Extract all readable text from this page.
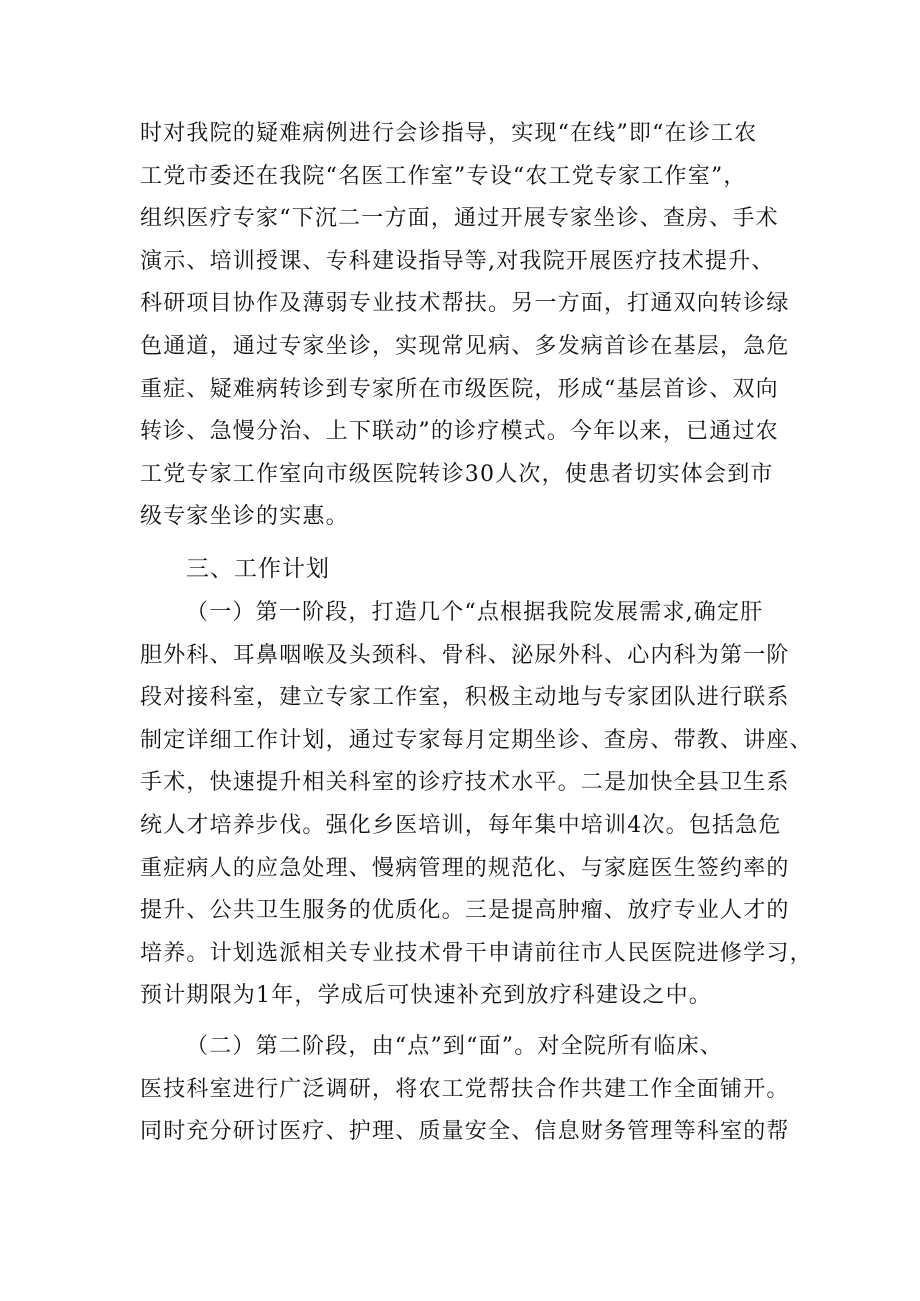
时对我院的疑难病例进行会诊指导，实现“在线”即“在诊工农
工党市委还在我院“名医工作室”专设“农工党专家工作室”，
组织医疗专家“下沉二一方面，通过开展专家坐诊、查房、手术
演示、培训授课、专科建设指导等,对我院开展医疗技术提升、
科研项目协作及薄弱专业技术帮扶。另一方面，打通双向转诊绿
色通道，通过专家坐诊，实现常见病、多发病首诊在基层，急危
重症、疑难病转诊到专家所在市级医院，形成“基层首诊、双向
转诊、急慢分治、上下联动”的诊疗模式。今年以来，已通过农
工党专家工作室向市级医院转诊30人次，使患者切实体会到市
级专家坐诊的实惠。
三、工作计划
（一）第一阶段，打造几个“点根据我院发展需求,确定肝
胆外科、耳鼻咽喉及头颈科、骨科、泌尿外科、心内科为第一阶
段对接科室，建立专家工作室，积极主动地与专家团队进行联系
制定详细工作计划，通过专家每月定期坐诊、查房、带教、讲座、
手术，快速提升相关科室的诊疗技术水平。二是加快全县卫生系
统人才培养步伐。强化乡医培训，每年集中培训4次。包括急危
重症病人的应急处理、慢病管理的规范化、与家庭医生签约率的
提升、公共卫生服务的优质化。三是提高肿瘤、放疗专业人才的
培养。计划选派相关专业技术骨干申请前往市人民医院进修学习，
预计期限为1年，学成后可快速补充到放疗科建设之中。
（二）第二阶段，由“点”到“面”。对全院所有临床、
医技科室进行广泛调研，将农工党帮扶合作共建工作全面铺开。
同时充分研讨医疗、护理、质量安全、信息财务管理等科室的帮
